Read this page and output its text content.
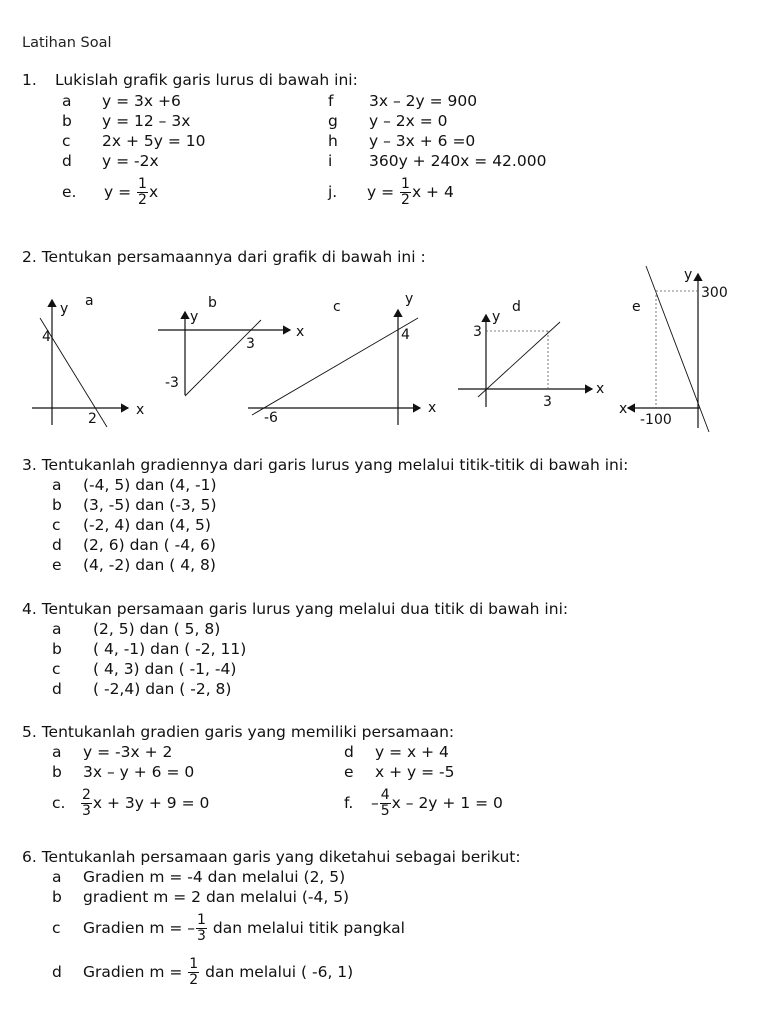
Latihan Soal
1. Lukislah grafik garis lurus di bawah ini:
a y = 3x +6
b y = 12 – 3x
c 2x + 5y = 10
d y = -2x
f 3x – 2y = 900
g y – 2x = 0
h y – 3x + 6 =0
i 360y + 240x = 42.000
e. $y = \frac{1}{2}$ x	j. $y = \frac{1}{2}$ x + 4
2. Tentukan persamaannya dari grafik di bawah ini :
y a
4
2
x
y
b
3
-3
x
y
c
4
-6
x
y
d
3
3
x
y
e
300
-100
x
3. Tentukanlah gradiennya dari garis lurus yang melalui titik-titik di bawah ini:
a (-4, 5) dan (4, -1)
b (3, -5) dan (-3, 5)
c (-2, 4) dan (4, 5)
d (2, 6) dan ( -4, 6)
e (4, -2) dan ( 4, 8)
4. Tentukan persamaan garis lurus yang melalui dua titik di bawah ini:
a (2, 5) dan ( 5, 8)
b ( 4, -1) dan ( -2, 11)
c ( 4, 3) dan ( -1, -4)
d ( -2,4) dan ( -2, 8)
5. Tentukanlah gradien garis yang memiliki persamaan:
a y = -3x + 2
b 3x – y + 6 = 0
d y = x + 4
e x + y = -5
c. $\frac{2}{3}$ x + 3y + 9 = 0	f. – $\frac{4}{5}$ x – 2y + 1 = 0
6. Tentukanlah persamaan garis yang diketahui sebagai berikut:
a Gradien m = -4 dan melalui (2, 5)
b gradient m = 2 dan melalui (-4, 5)
c Gradien m = – $\frac{1}{3}$ dan melalui titik pangkal
d Gradien $m = \frac{1}{2}$ dan melalui ( -6, 1)
